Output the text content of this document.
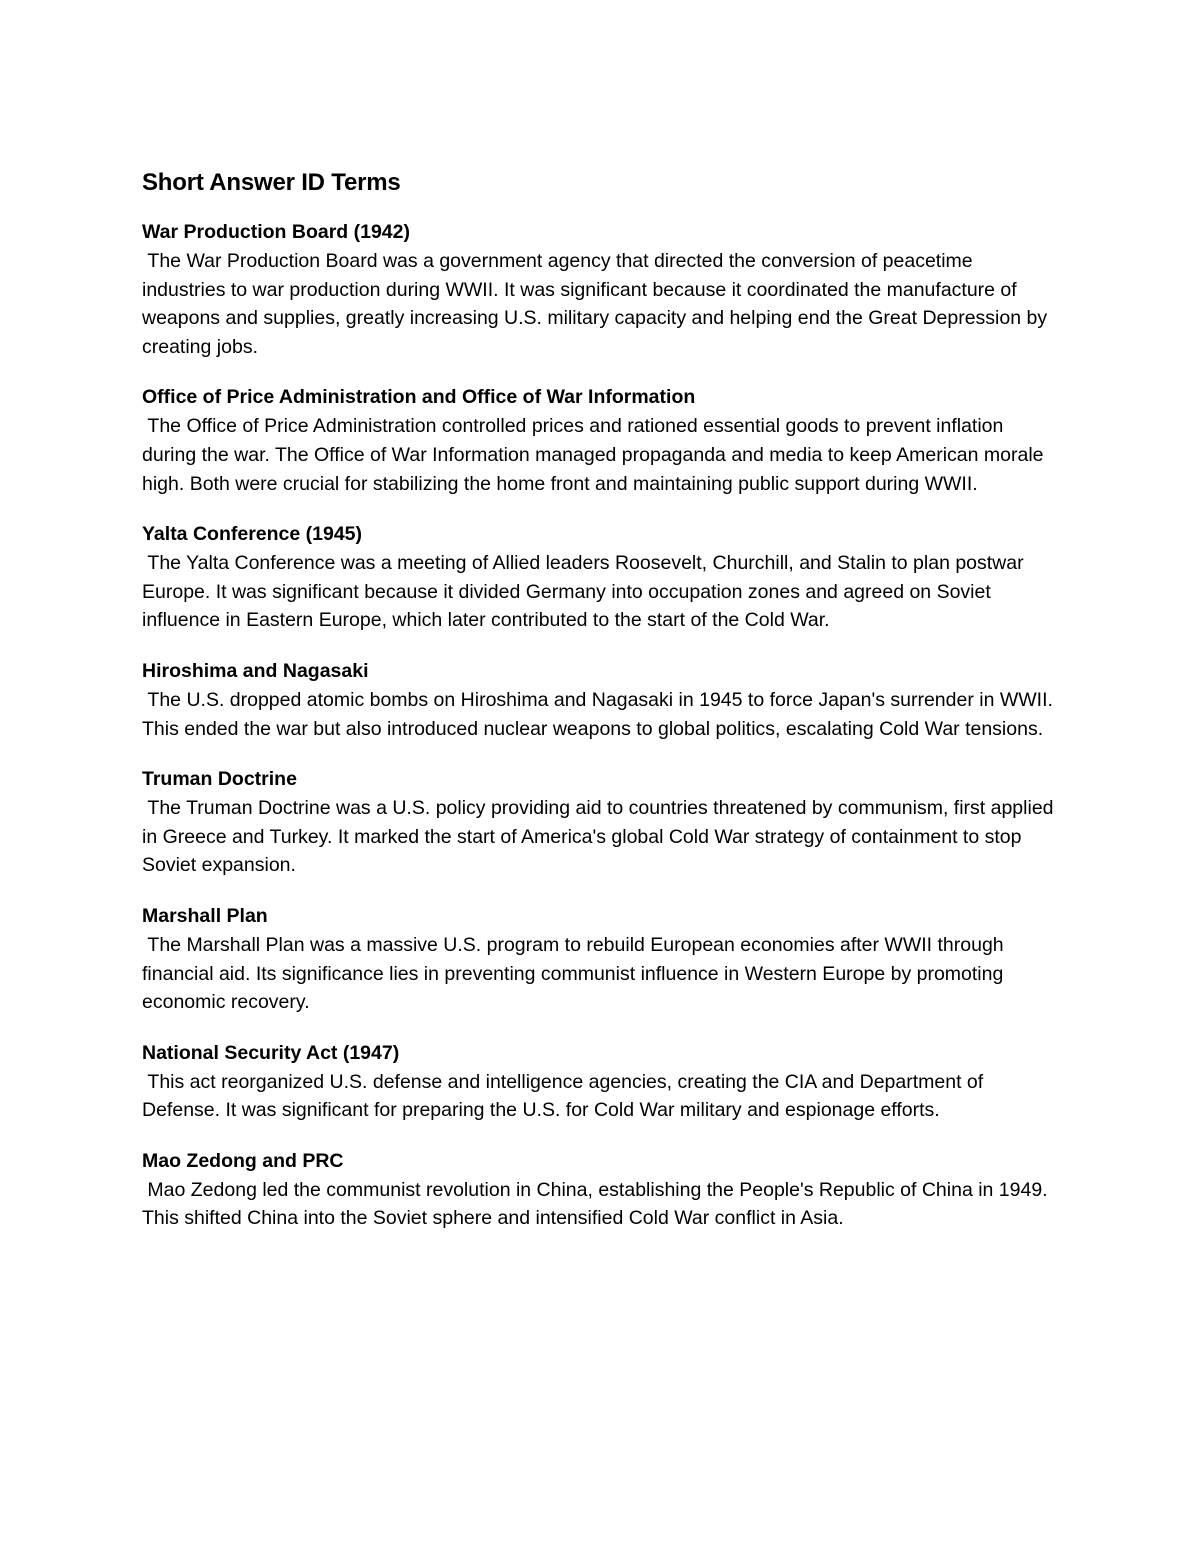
Short Answer ID Terms

War Production Board (1942)

The War Production Board was a government agency that directed the conversion of peacetime industries to war production during WWII. It was significant because it coordinated the manufacture of weapons and supplies, greatly increasing U.S. military capacity and helping end the Great Depression by creating jobs.

Office of Price Administration and Office of War Information

The Office of Price Administration controlled prices and rationed essential goods to prevent inflation during the war. The Office of War Information managed propaganda and media to keep American morale high. Both were crucial for stabilizing the home front and maintaining public support during WWII.

Yalta Conference (1945)

The Yalta Conference was a meeting of Allied leaders Roosevelt, Churchill, and Stalin to plan postwar Europe. It was significant because it divided Germany into occupation zones and agreed on Soviet influence in Eastern Europe, which later contributed to the start of the Cold War.

Hiroshima and Nagasaki

The U.S. dropped atomic bombs on Hiroshima and Nagasaki in 1945 to force Japan's surrender in WWII. This ended the war but also introduced nuclear weapons to global politics, escalating Cold War tensions.

Truman Doctrine

The Truman Doctrine was a U.S. policy providing aid to countries threatened by communism, first applied in Greece and Turkey. It marked the start of America's global Cold War strategy of containment to stop Soviet expansion.

Marshall Plan

The Marshall Plan was a massive U.S. program to rebuild European economies after WWII through financial aid. Its significance lies in preventing communist influence in Western Europe by promoting economic recovery.

National Security Act (1947)

This act reorganized U.S. defense and intelligence agencies, creating the CIA and Department of Defense. It was significant for preparing the U.S. for Cold War military and espionage efforts.

Mao Zedong and PRC

Mao Zedong led the communist revolution in China, establishing the People's Republic of China in 1949. This shifted China into the Soviet sphere and intensified Cold War conflict in Asia.
